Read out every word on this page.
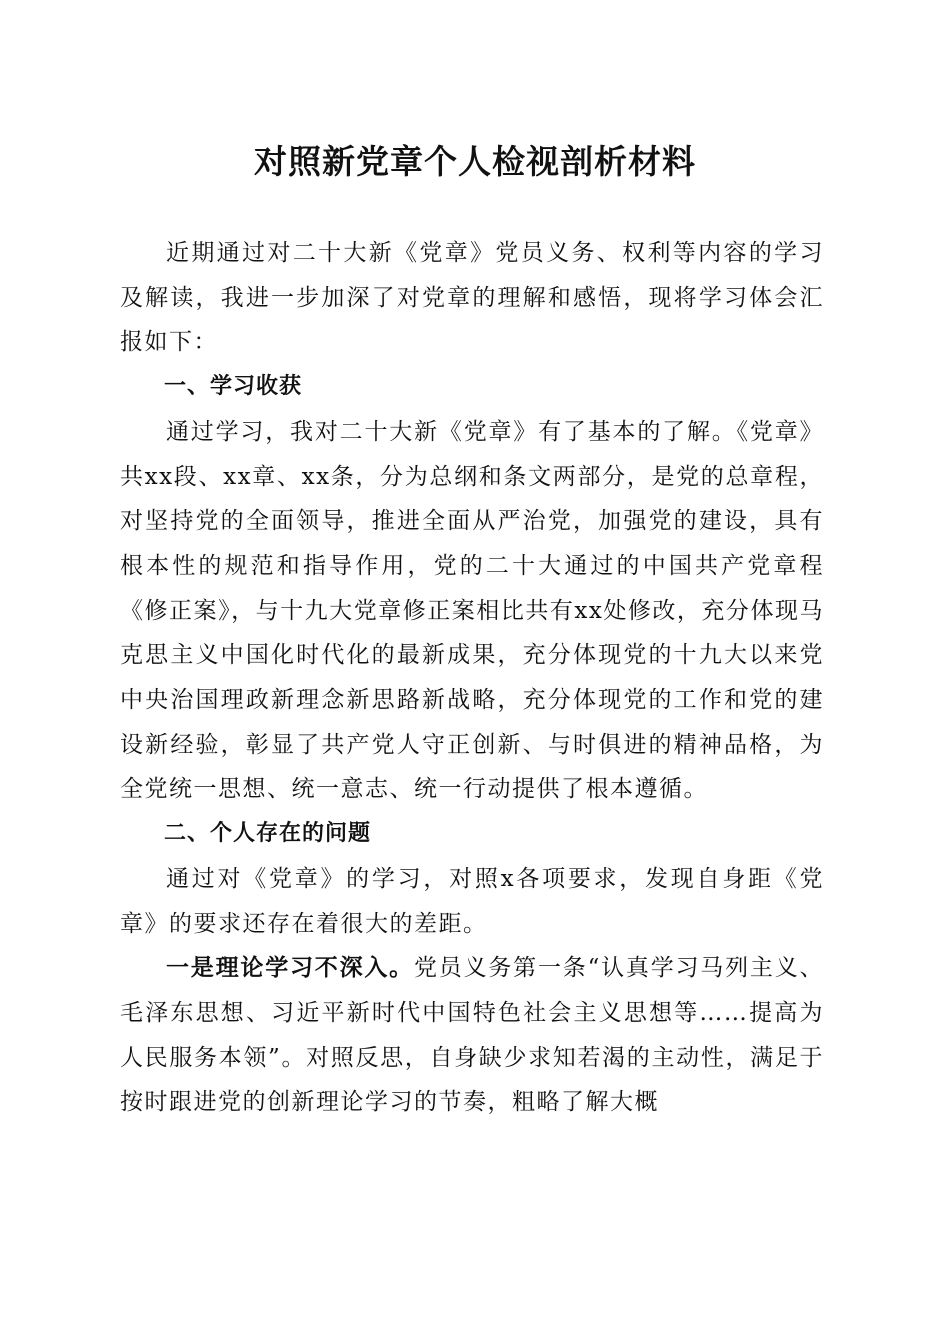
对照新党章个人检视剖析材料

近期通过对二十大新《党章》党员义务、权利等内容的学习及解读，我进一步加深了对党章的理解和感悟，现将学习体会汇报如下：

一、学习收获

通过学习，我对二十大新《党章》有了基本的了解。《党章》共xx段、xx章、xx条，分为总纲和条文两部分，是党的总章程，对坚持党的全面领导，推进全面从严治党，加强党的建设，具有根本性的规范和指导作用，党的二十大通过的中国共产党章程《修正案》，与十九大党章修正案相比共有xx处修改，充分体现马克思主义中国化时代化的最新成果，充分体现党的十九大以来党中央治国理政新理念新思路新战略，充分体现党的工作和党的建设新经验，彰显了共产党人守正创新、与时俱进的精神品格，为全党统一思想、统一意志、统一行动提供了根本遵循。

二、个人存在的问题

通过对《党章》的学习，对照x各项要求，发现自身距《党章》的要求还存在着很大的差距。

一是理论学习不深入。党员义务第一条“认真学习马列主义、毛泽东思想、习近平新时代中国特色社会主义思想等……提高为人民服务本领”。对照反思，自身缺少求知若渴的主动性，满足于按时跟进党的创新理论学习的节奏，粗略了解大概
